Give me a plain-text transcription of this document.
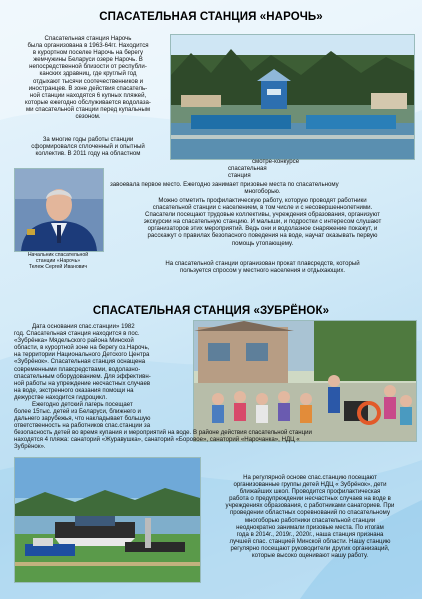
СПАСАТЕЛЬНАЯ СТАНЦИЯ «НАРОЧЬ»

Спасательная станция Нарочь

была организована в 1963-64гг. Находится

в курортном поселке Нарочь на берегу

жемчужины Беларуси озере Нарочь. В

непосредственной близости от республи-

канских здравниц, где круглый год

отдыхают тысячи соотечественников и

иностранцев. В зоне действия спасатель-

ной станции находятся 6 купных пляжей,

которые ежегодно обслуживается водолаза-

ми спасательной станции перед купальным

сезоном.

За многие годы работы станции

сформировался сплоченный и опытный

коллектив. В 2011 году на областном

смотре-конкурсе

спасательная

станция

Начальник спасательной

станции «Нарочь»

Тележ Сергей Иванович

завоевала первое место. Ежегодно занимает призовые места по спасательному

многоборью.

Можно отметить профилактическую работу, которую проводят работники

спасательной станции с населением, в том числе и с несовершеннолетними.

Спасатели посещают трудовые коллективы, учреждения образования, организуют

экскурсии на спасательную станцию. И малыши, и подростки с интересом слушают

организаторов этих мероприятий. Ведь они и водолазное снаряжение покажут, и

расскажут о правилах безопасного поведения на воде, научат оказывать первую

помощь утопающему.

На спасательной станции организован прокат плавсредств, который

пользуется спросом у местного населения и отдыхающих.

СПАСАТЕЛЬНАЯ СТАНЦИЯ «ЗУБРЁНОК»

Дата основания спас.станции» 1982

год. Спасательная станция находится в пос.

«Зубрёнка» Мядельского района Минской

области, в курортной зоне на берегу оз.Нарочь,

на территории Национального Детского Центра

«Зубрёнок». Спасательная станция оснащена

современными плавсредствами, водолазно-

спасательным оборудованием. Для эффективн-

ной работы на упреждение несчастных случаев

на воде, экстренного оказания помощи на

дежурстве находится гидроцикл.

Ежегодно детский лагерь посещает

более 15тыс. детей из Беларуси, ближнего и

дальнего зарубежья, что накладывает большую

ответственность на работников спас.станции за

безопасность детей во время купания и мероприятий на воде. В районе действия спасательной станции

находятся 4 пляжа: санаторий «Журавушка», санаторий «Боровое», санаторий «Нарочанка», НДЦ «

Зубрёнок».

На регулярной основе спас.станцию посещают

организованные группы детей НДЦ « Зубрёнок», дети

ближайших школ. Проводится профилактическая

работа о предупреждении несчастных случаев на воде в

учреждениях образования, с работниками санаториев. При

проведении областных соревнований по спасательному

многоборью работники спасательной станции

неоднократно занимали призовые места. По итогам

года в 2014г., 2019г., 2020г., наша станция признана

лучшей спас. станцией Минской области. Нашу станцию

регулярно посещают руководители других организаций,

которые высоко оценивают нашу работу.
